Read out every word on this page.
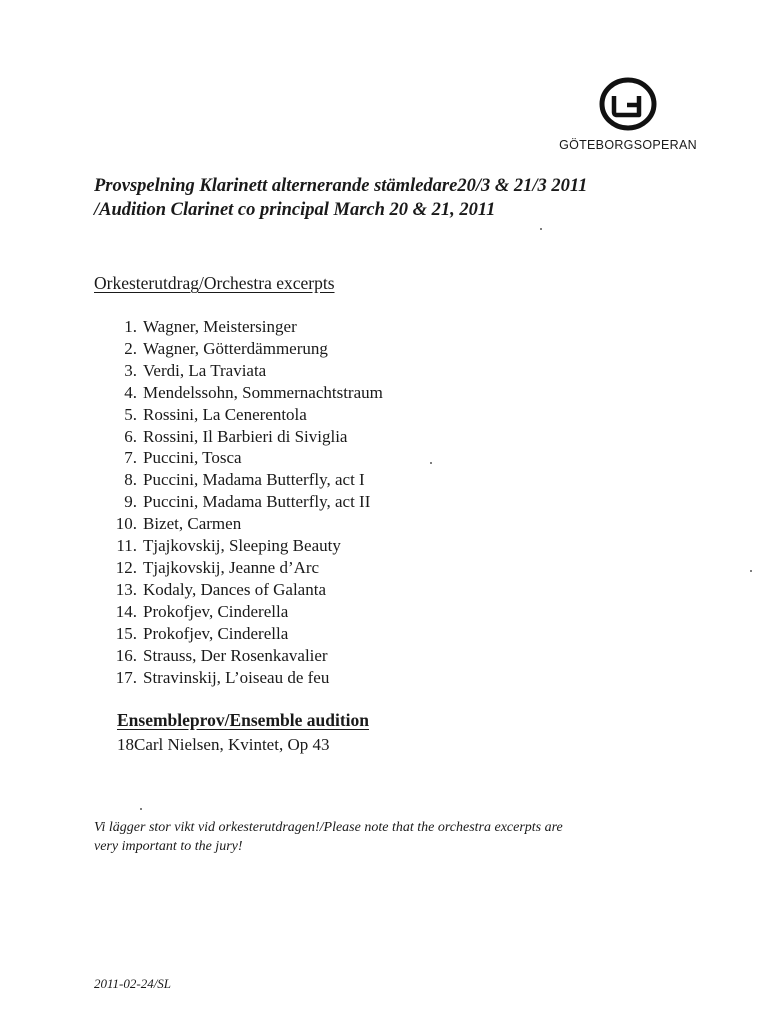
GÖTEBORGSOPERAN
Provspelning Klarinett alternerande stämledare20/3 & 21/3 2011
/Audition Clarinet co principal March 20 & 21, 2011
Orkesterutdrag/Orchestra excerpts
1. Wagner, Meistersinger
2. Wagner, Götterdämmerung
3. Verdi, La Traviata
4. Mendelssohn, Sommernachtstraum
5. Rossini, La Cenerentola
6. Rossini, Il Barbieri di Siviglia
7. Puccini, Tosca
8. Puccini, Madama Butterfly, act I
9. Puccini, Madama Butterfly, act II
10. Bizet, Carmen
11. Tjajkovskij, Sleeping Beauty
12. Tjajkovskij, Jeanne d’Arc
13. Kodaly, Dances of Galanta
14. Prokofjev, Cinderella
15. Prokofjev, Cinderella
16. Strauss, Der Rosenkavalier
17. Stravinskij, L’oiseau de feu
Ensembleprov/Ensemble audition
18Carl Nielsen, Kvintet, Op 43

Vi lägger stor vikt vid orkesterutdragen!/Please note that the orchestra excerpts are
very important to the jury!

2011-02-24/SL
